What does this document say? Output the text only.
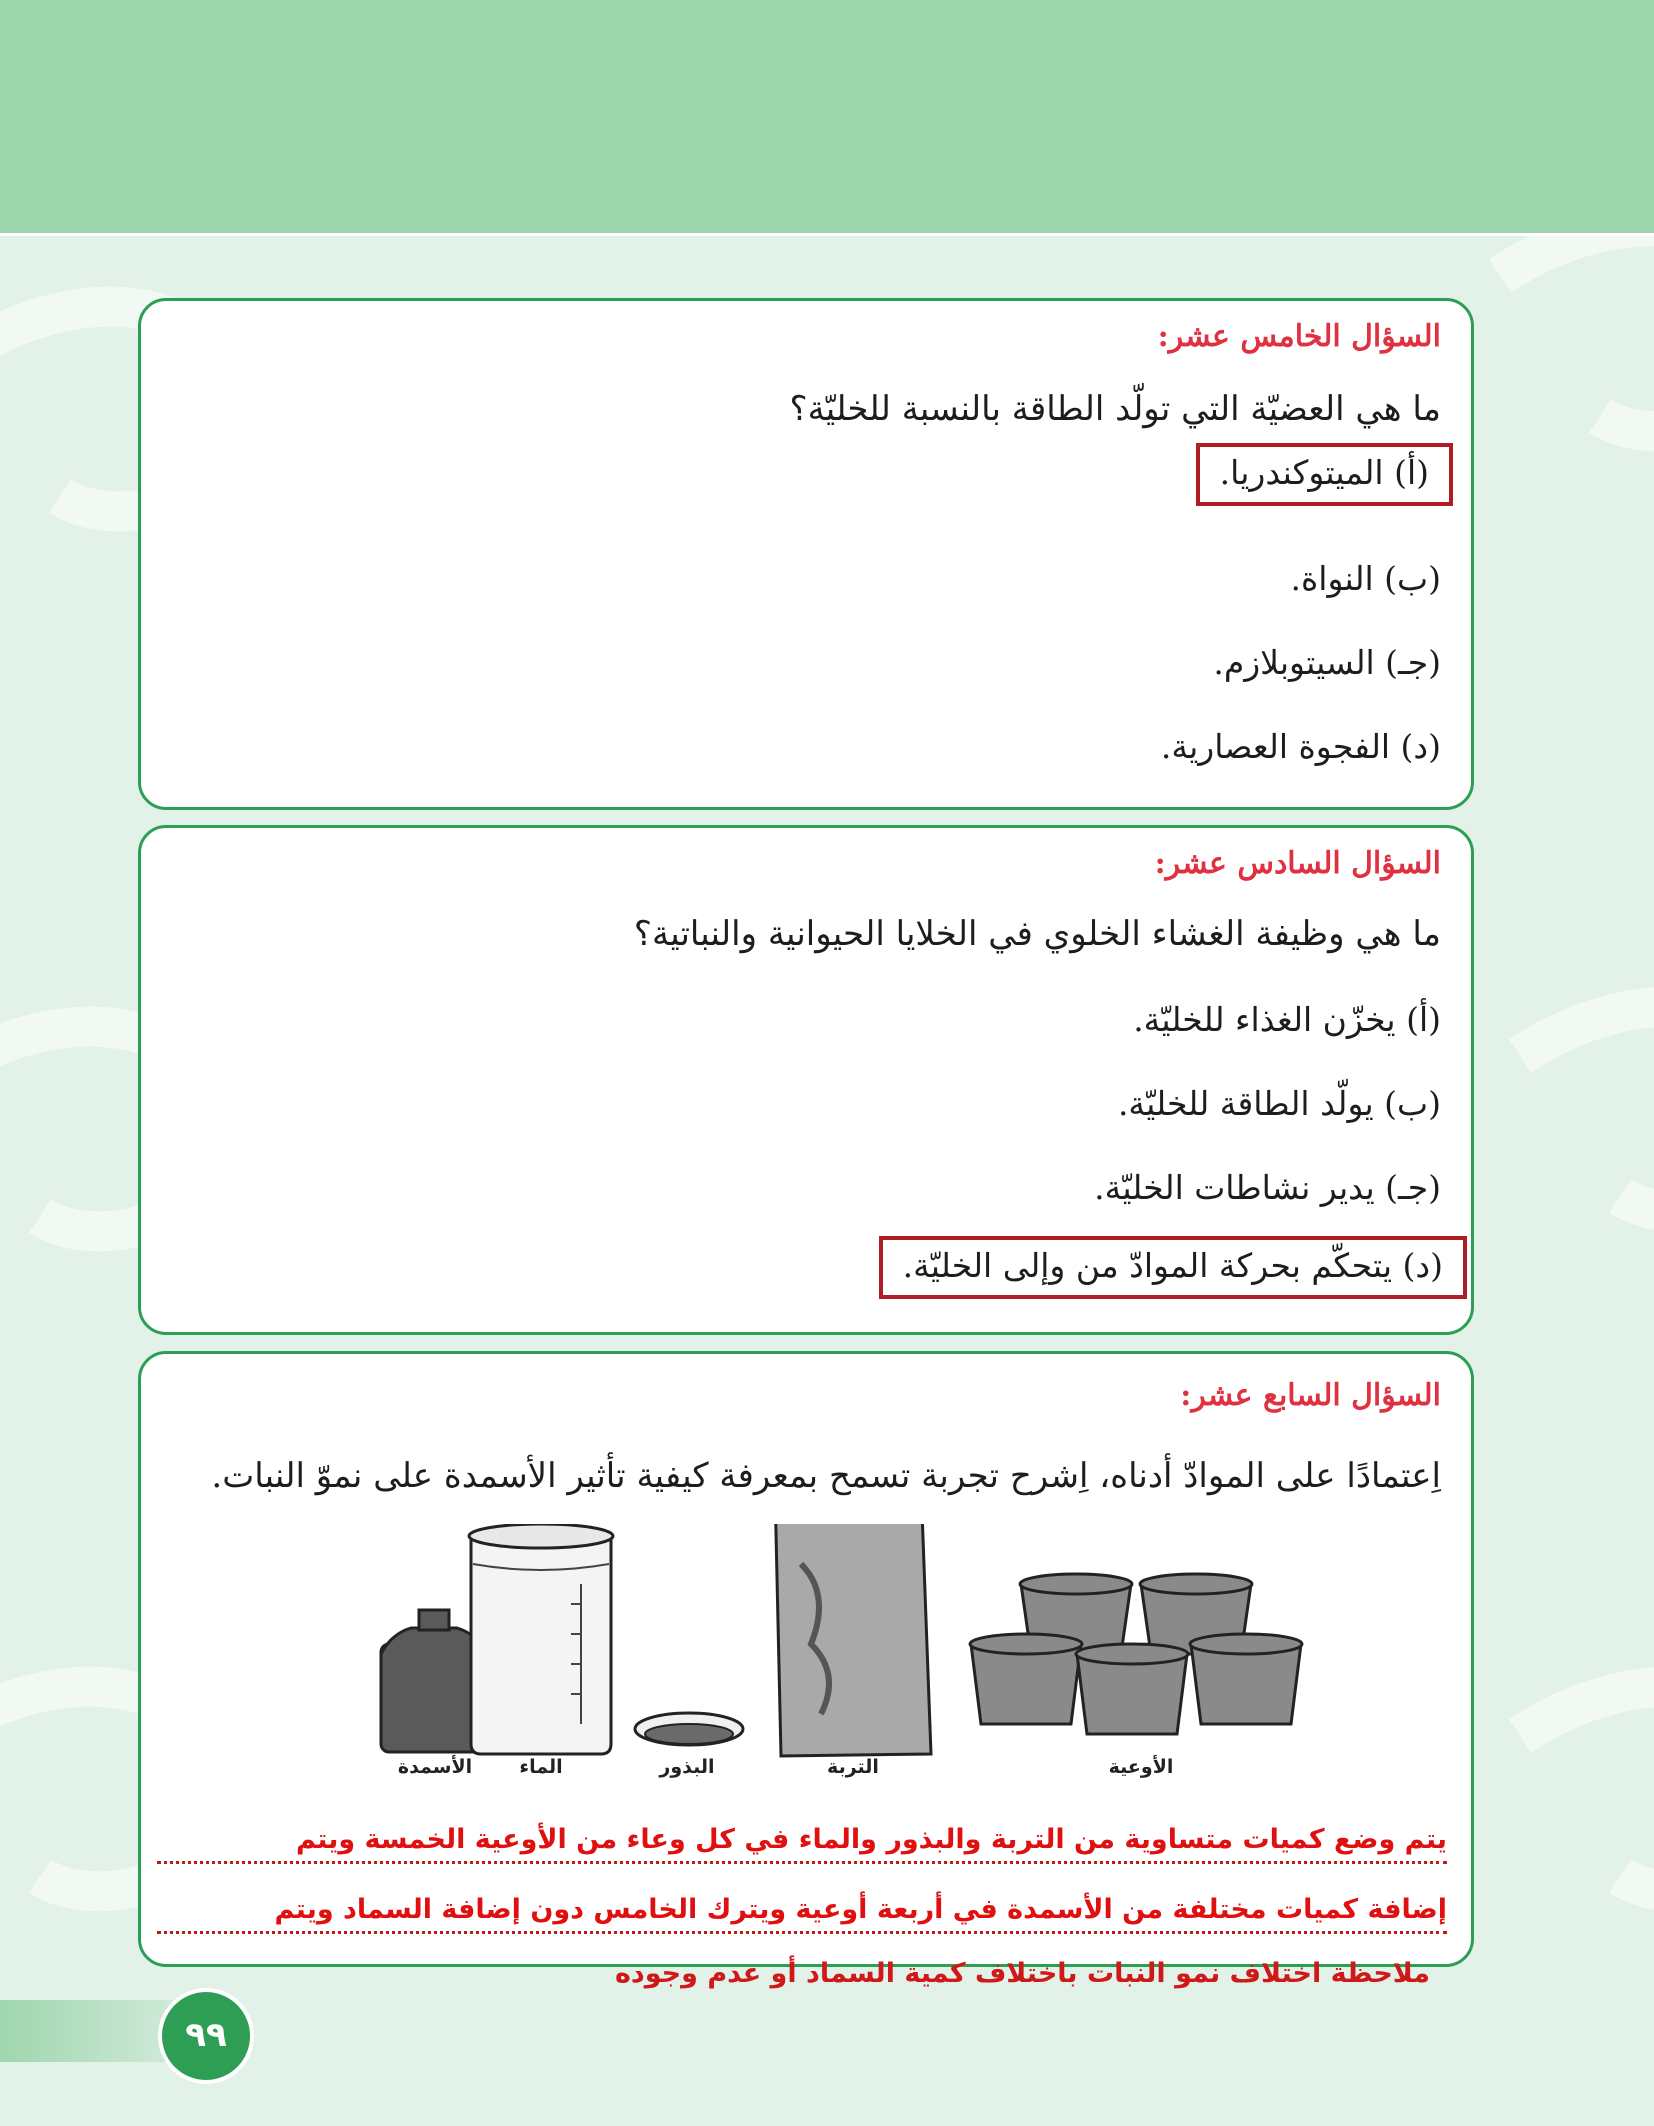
السؤال الخامس عشر:
ما هي العضيّة التي تولّد الطاقة بالنسبة للخليّة؟
(أ) الميتوكندريا.
(ب) النواة.
(جـ) السيتوبلازم.
(د) الفجوة العصارية.
السؤال السادس عشر:
ما هي وظيفة الغشاء الخلوي في الخلايا الحيوانية والنباتية؟
(أ) يخزّن الغذاء للخليّة.
(ب) يولّد الطاقة للخليّة.
(جـ) يدير نشاطات الخليّة.
(د) يتحكّم بحركة الموادّ من وإلى الخليّة.
السؤال السابع عشر:
اِعتمادًا على الموادّ أدناه، اِشرح تجربة تسمح بمعرفة كيفية تأثير الأسمدة على نموّ النبات.
الأوعية
التربة
البذور
الماء
الأسمدة
يتم وضع كميات متساوية من التربة والبذور والماء في كل وعاء من الأوعية الخمسة ويتم
إضافة كميات مختلفة من الأسمدة في أربعة أوعية ويترك الخامس دون إضافة السماد ويتم
ملاحظة اختلاف نمو النبات باختلاف كمية السماد أو عدم وجوده
٩٩
